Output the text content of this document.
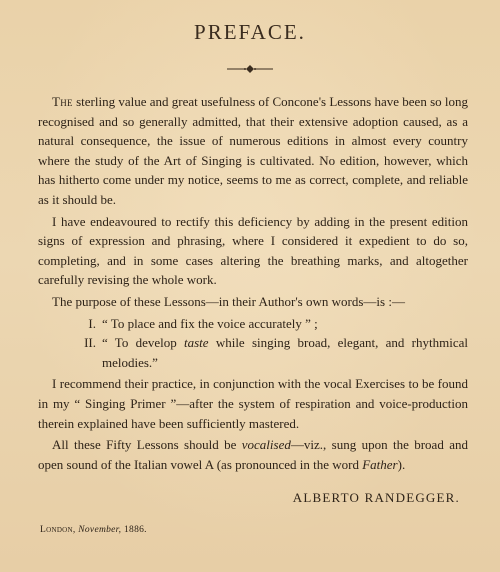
PREFACE.

The sterling value and great usefulness of Concone's Lessons have been so long recognised and so generally admitted, that their extensive adoption caused, as a natural consequence, the issue of numerous editions in almost every country where the study of the Art of Singing is cultivated. No edition, however, which has hitherto come under my notice, seems to me as correct, complete, and reliable as it should be.

I have endeavoured to rectify this deficiency by adding in the present edition signs of expression and phrasing, where I considered it expedient to do so, completing, and in some cases altering the breathing marks, and altogether carefully revising the whole work.

The purpose of these Lessons—in their Author's own words—is :—

I. “ To place and fix the voice accurately ” ;
II. “ To develop taste while singing broad, elegant, and rhythmical melodies.”

I recommend their practice, in conjunction with the vocal Exercises to be found in my “ Singing Primer ”—after the system of respiration and voice-production therein explained have been sufficiently mastered.

All these Fifty Lessons should be vocalised—viz., sung upon the broad and open sound of the Italian vowel A (as pronounced in the word Father).

ALBERTO RANDEGGER.
London, November, 1886.
